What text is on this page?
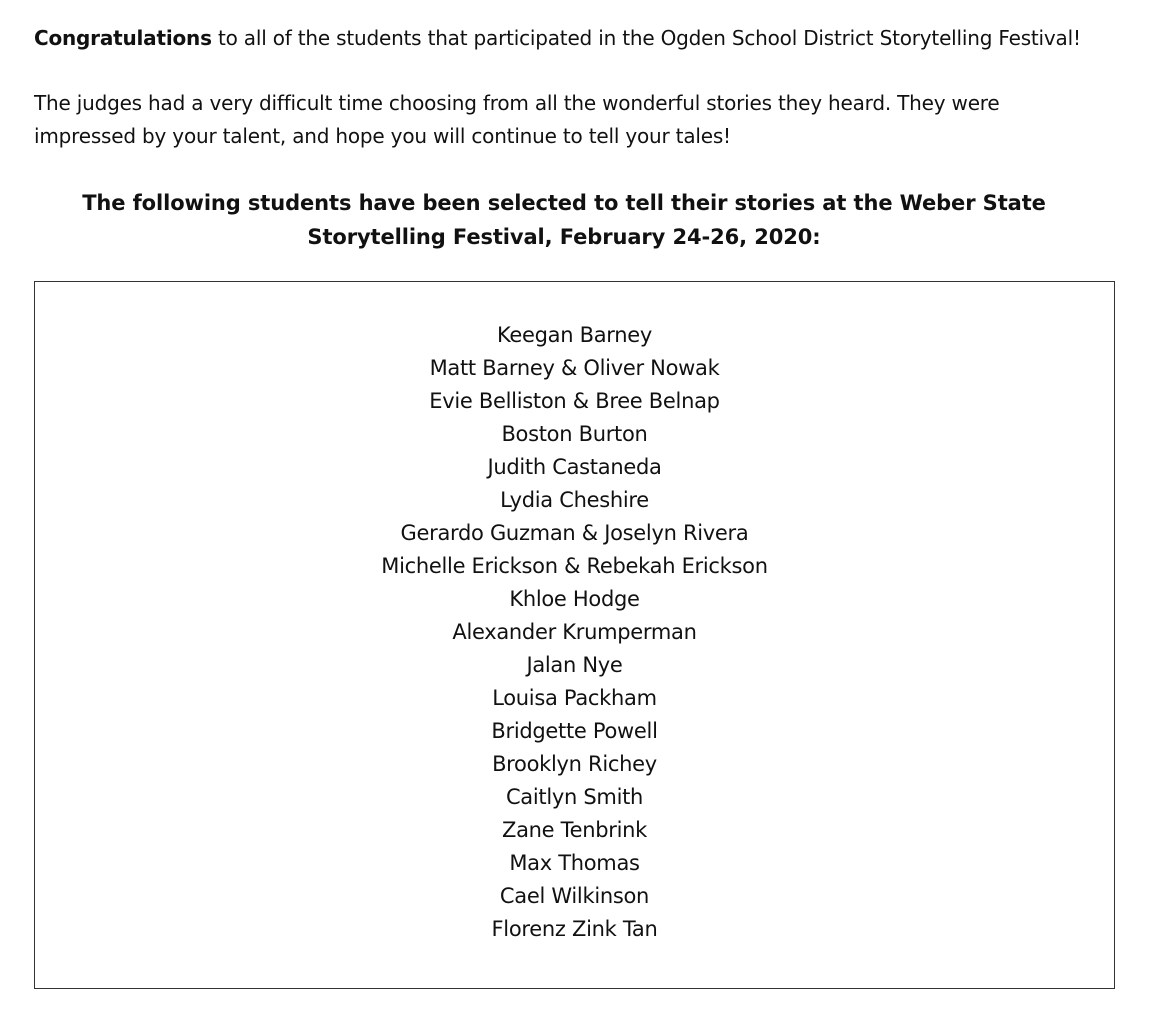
Congratulations to all of the students that participated in the Ogden School District Storytelling Festival!

The judges had a very difficult time choosing from all the wonderful stories they heard. They were impressed by your talent, and hope you will continue to tell your tales!

The following students have been selected to tell their stories at the Weber State Storytelling Festival, February 24-26, 2020:

Keegan Barney
Matt Barney & Oliver Nowak
Evie Belliston & Bree Belnap
Boston Burton
Judith Castaneda
Lydia Cheshire
Gerardo Guzman & Joselyn Rivera
Michelle Erickson & Rebekah Erickson
Khloe Hodge
Alexander Krumperman
Jalan Nye
Louisa Packham
Bridgette Powell
Brooklyn Richey
Caitlyn Smith
Zane Tenbrink
Max Thomas
Cael Wilkinson
Florenz Zink Tan
